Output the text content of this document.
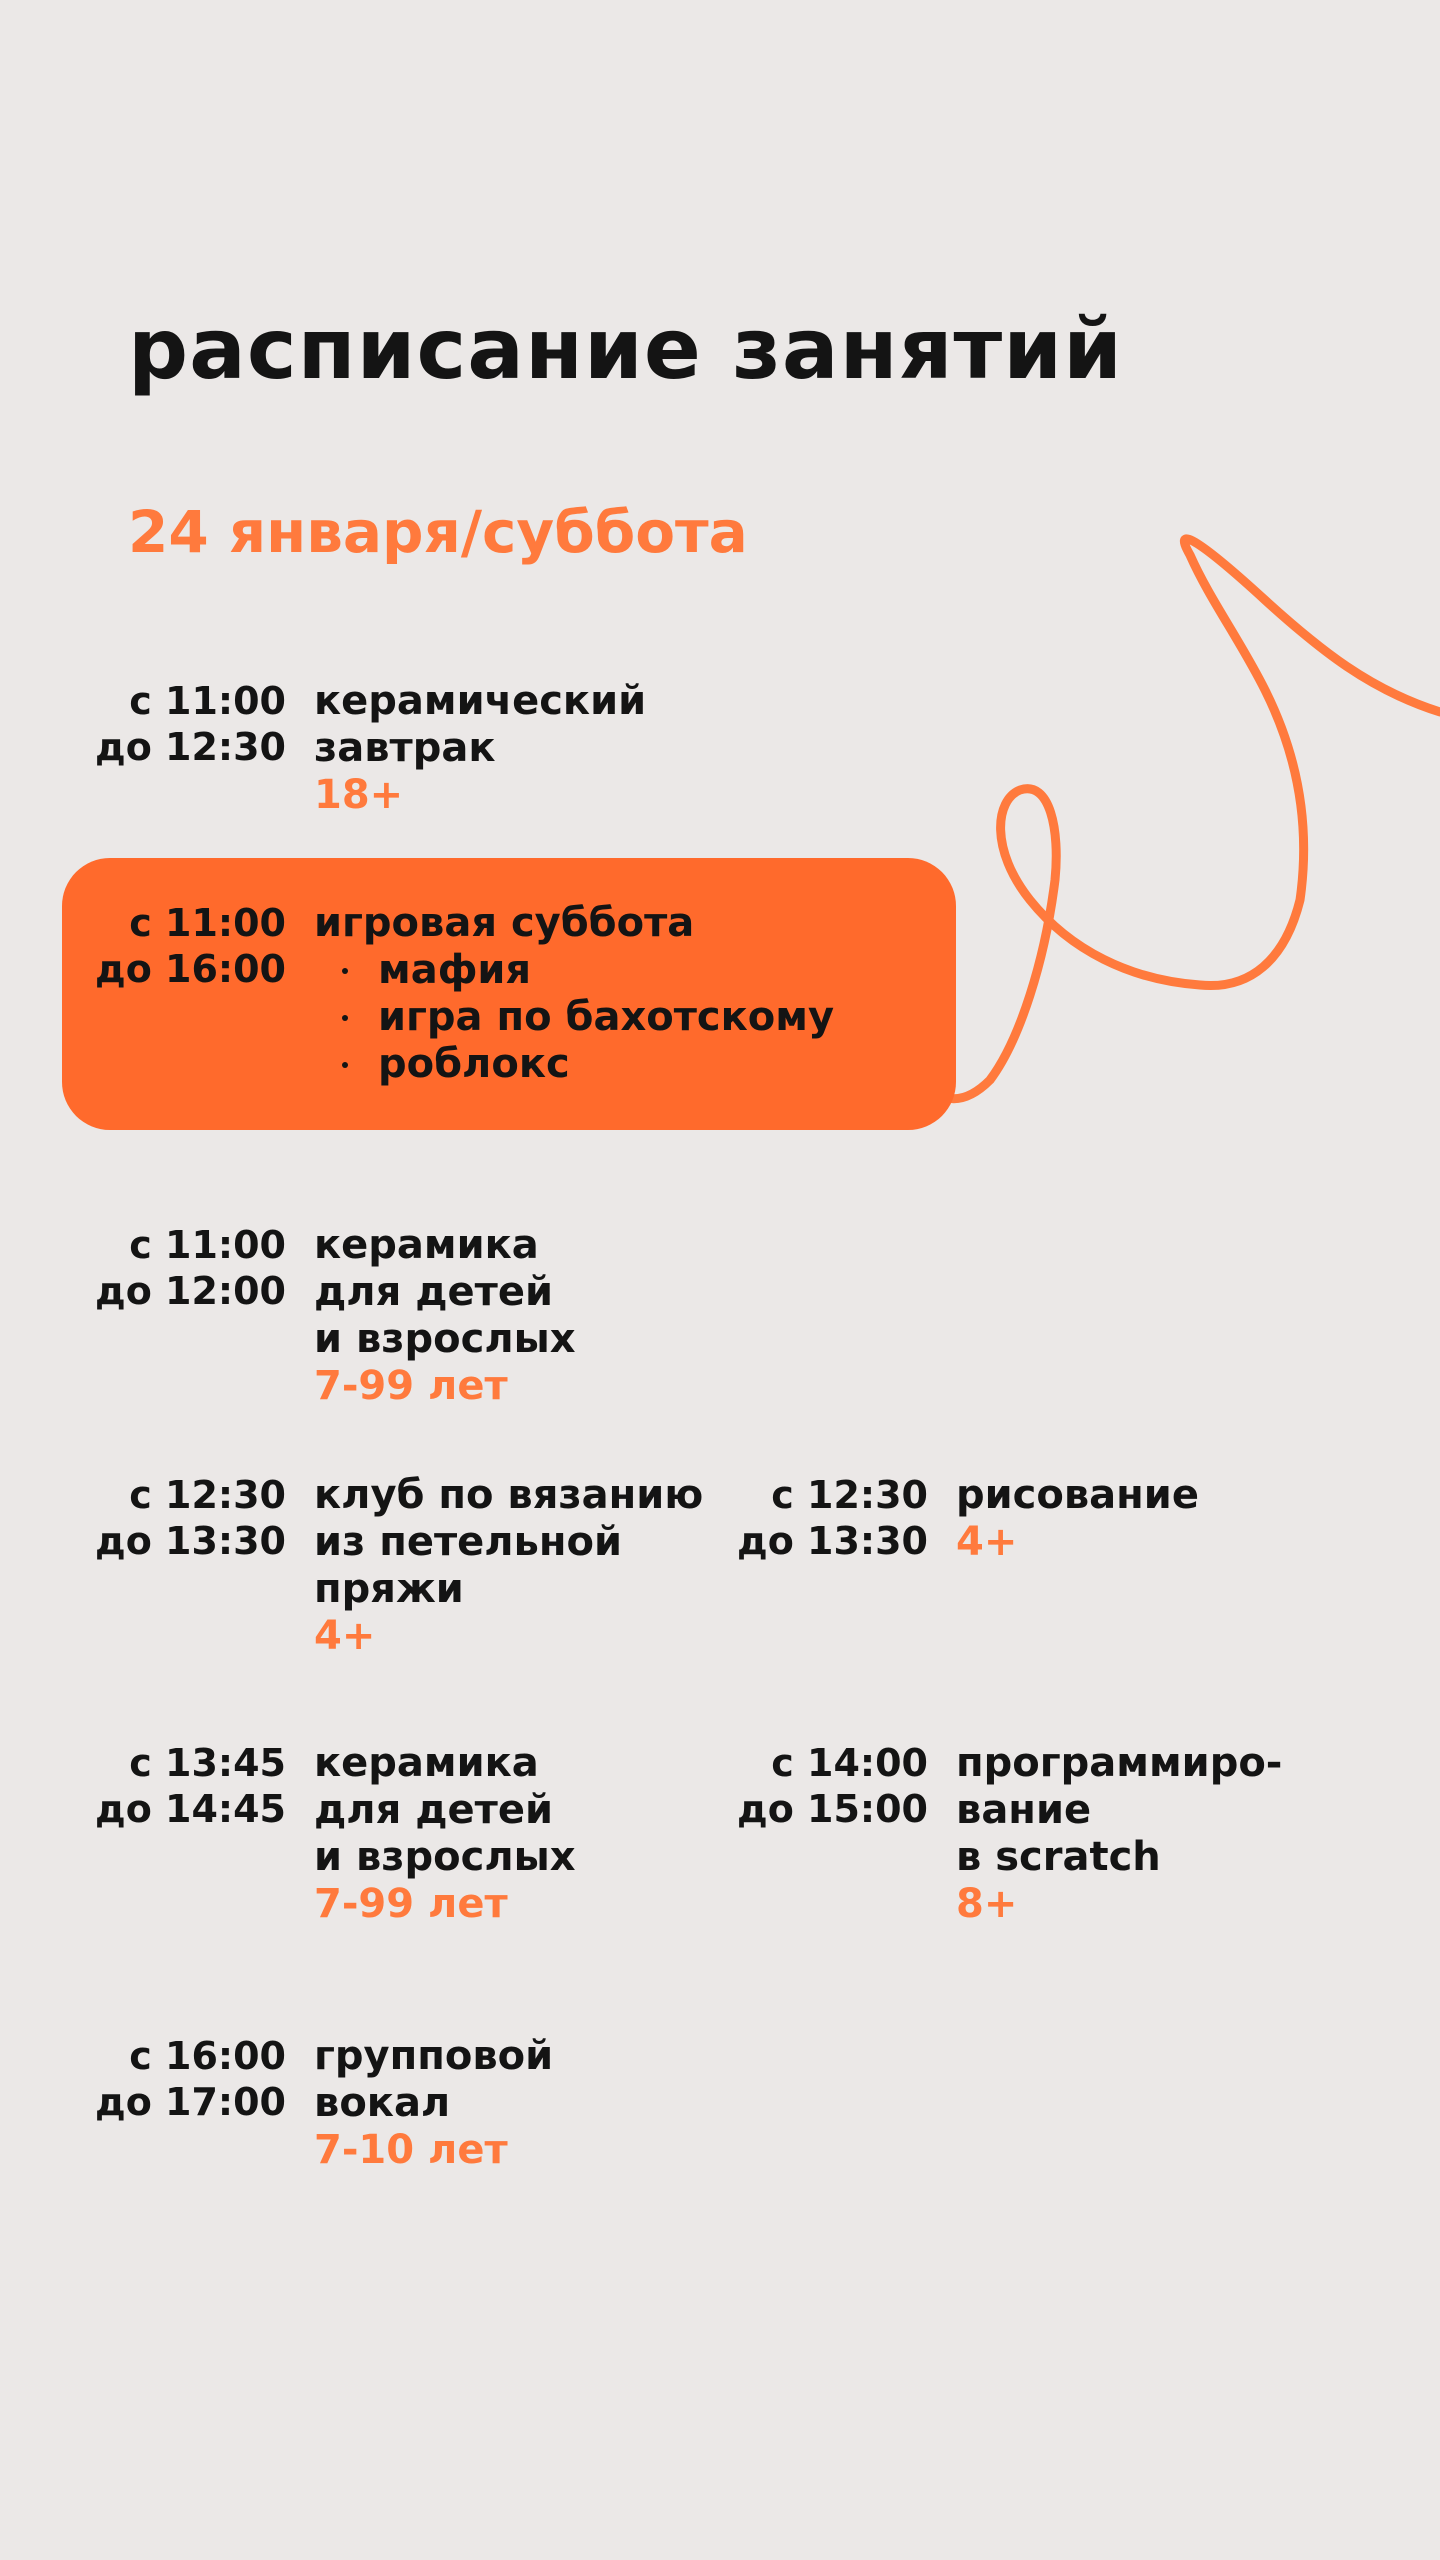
расписание занятий
24 января/суббота
с 11:00
до 12:30
керамический
завтрак
18+
с 11:00
до 16:00
игровая суббота
мафия
игра по бахотскому
роблокс
с 11:00
до 12:00
керамика
для детей
и взрослых
7-99 лет
с 12:30
до 13:30
клуб по вязанию
из петельной
пряжи
4+
с 12:30
до 13:30
рисование
4+
с 13:45
до 14:45
керамика
для детей
и взрослых
7-99 лет
с 14:00
до 15:00
программиро-
вание
в scratch
8+
с 16:00
до 17:00
групповой
вокал
7-10 лет
